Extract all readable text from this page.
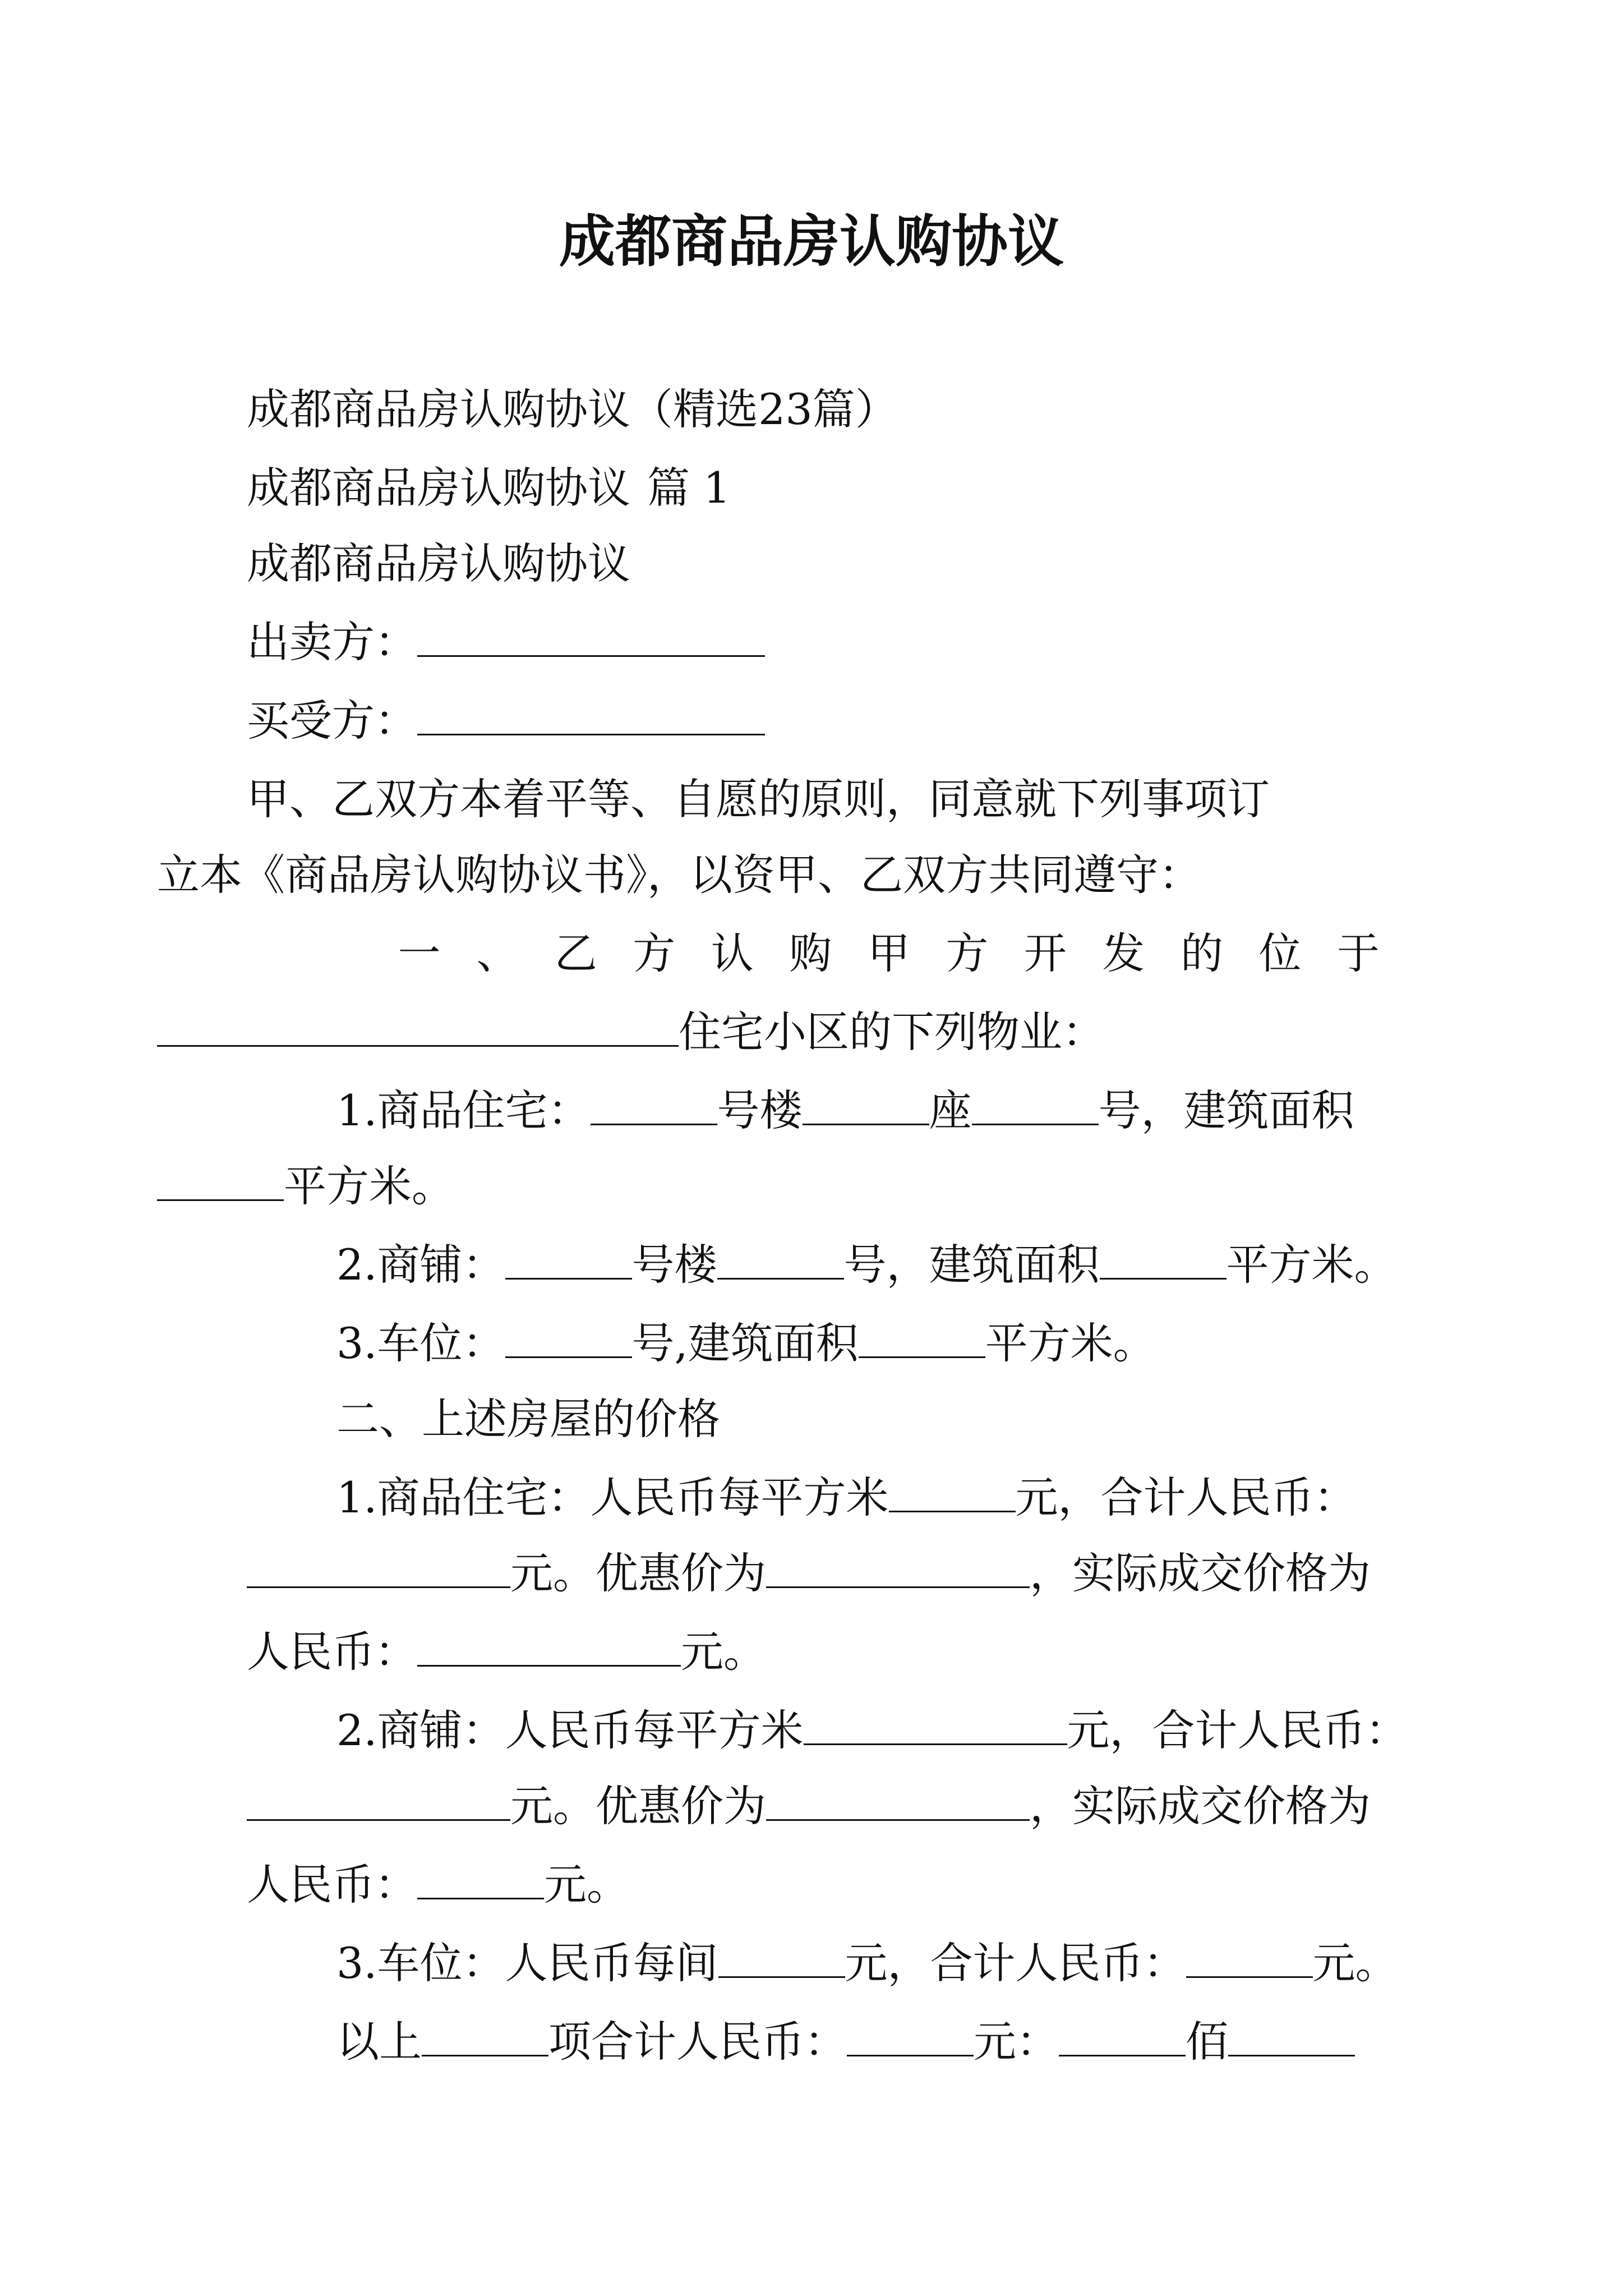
成都商品房认购协议
成都商品房认购协议（精选23篇）
成都商品房认购协议 篇 1
成都商品房认购协议
出卖方：
买受方：
甲、乙双方本着平等、自愿的原则，同意就下列事项订
立本《商品房认购协议书》，以资甲、乙双方共同遵守：
一 、 乙 方 认 购 甲 方 开 发 的 位 于
住宅小区的下列物业：
1.商品住宅：	号楼	座	号，建筑面积
平方米。
2.商铺：	号楼	号，建筑面积	平方米。
3.车位：	号,建筑面积	平方米。
二、上述房屋的价格
1.商品住宅：人民币每平方米	元，合计人民币：
元。优惠价为	，实际成交价格为
人民币：	元。
2.商铺：人民币每平方米	元，合计人民币：
元。优惠价为	，实际成交价格为
人民币：	元。
3.车位：人民币每间	元，合计人民币：	元。
以上	项合计人民币：	元：	佰
